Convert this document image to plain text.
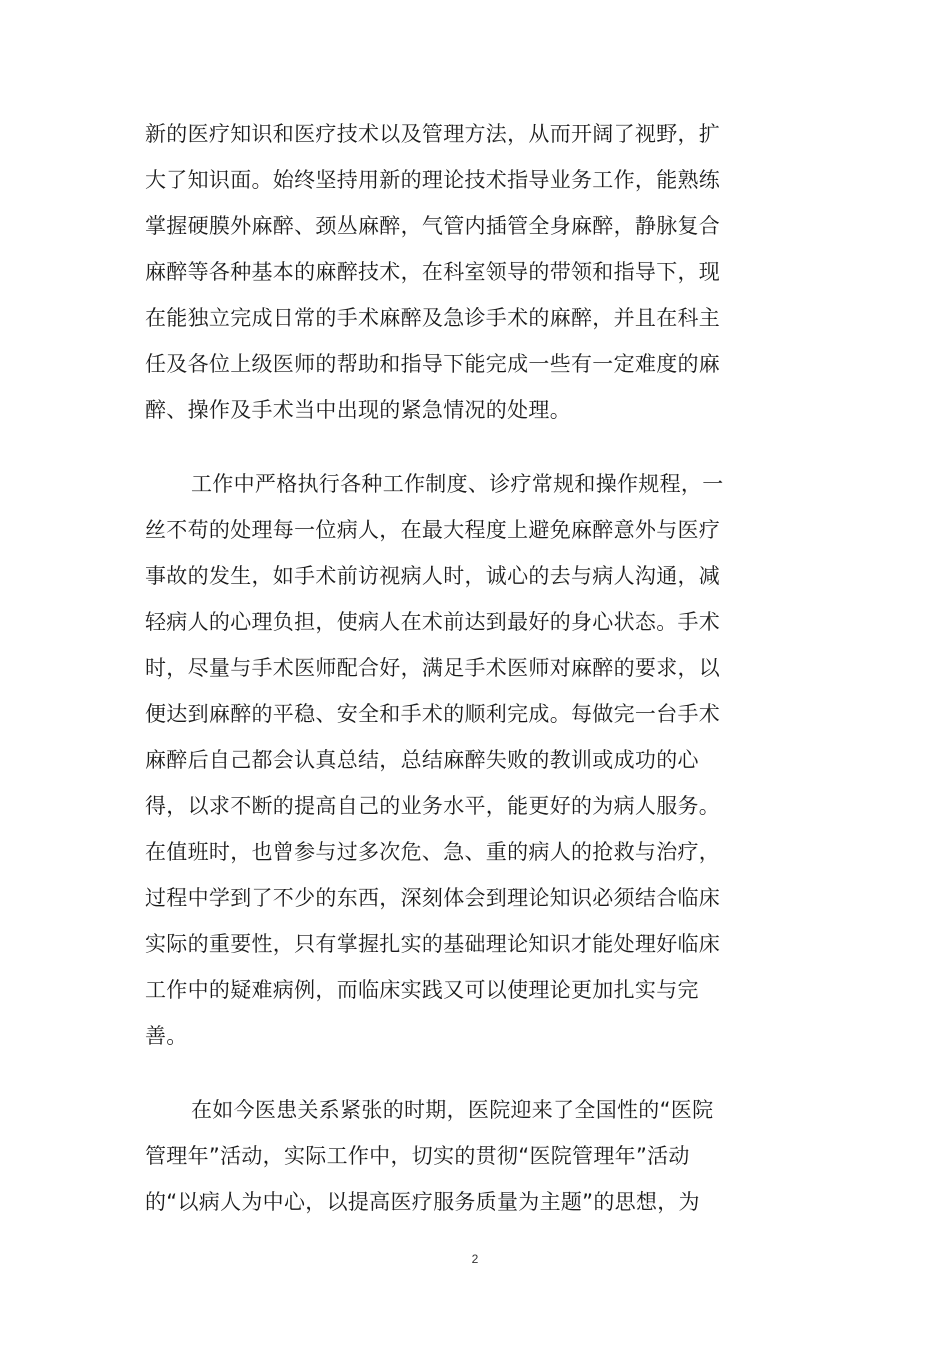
新的医疗知识和医疗技术以及管理方法，从而开阔了视野，扩
大了知识面。始终坚持用新的理论技术指导业务工作，能熟练
掌握硬膜外麻醉、颈丛麻醉，气管内插管全身麻醉，静脉复合
麻醉等各种基本的麻醉技术，在科室领导的带领和指导下，现
在能独立完成日常的手术麻醉及急诊手术的麻醉，并且在科主
任及各位上级医师的帮助和指导下能完成一些有一定难度的麻
醉、操作及手术当中出现的紧急情况的处理。
工作中严格执行各种工作制度、诊疗常规和操作规程，一
丝不苟的处理每一位病人，在最大程度上避免麻醉意外与医疗
事故的发生，如手术前访视病人时，诚心的去与病人沟通，减
轻病人的心理负担，使病人在术前达到最好的身心状态。手术
时，尽量与手术医师配合好，满足手术医师对麻醉的要求，以
便达到麻醉的平稳、安全和手术的顺利完成。每做完一台手术
麻醉后自己都会认真总结，总结麻醉失败的教训或成功的心
得，以求不断的提高自己的业务水平，能更好的为病人服务。
在值班时，也曾参与过多次危、急、重的病人的抢救与治疗，
过程中学到了不少的东西，深刻体会到理论知识必须结合临床
实际的重要性，只有掌握扎实的基础理论知识才能处理好临床
工作中的疑难病例，而临床实践又可以使理论更加扎实与完
善。
在如今医患关系紧张的时期，医院迎来了全国性的“医院
管理年”活动，实际工作中，切实的贯彻“医院管理年”活动
的“以病人为中心，以提高医疗服务质量为主题”的思想，为
2
